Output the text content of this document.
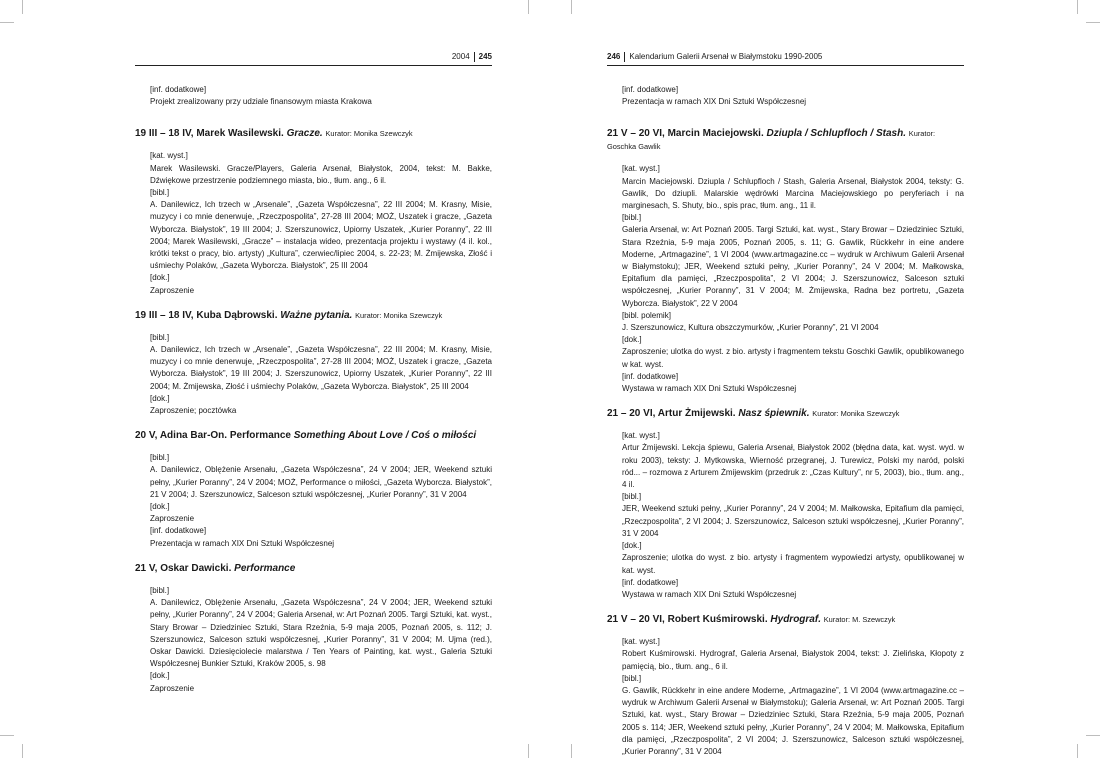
2004 245

[inf. dodatkowe]

Projekt zrealizowany przy udziale finansowym miasta Krakowa

19 III – 18 IV, Marek Wasilewski. Gracze. Kurator: Monika Szewczyk

[kat. wyst.]

Marek Wasilewski. Gracze/Players, Galeria Arsenał, Białystok, 2004, tekst: M. Bakke, Dźwiękowe przestrzenie podziemnego miasta, bio., tłum. ang., 6 il.

[bibl.]

A. Danilewicz, Ich trzech w „Arsenale”, „Gazeta Współczesna”, 22 III 2004; M. Krasny, Misie, muzycy i co mnie denerwuje, „Rzeczpospolita”, 27-28 III 2004; MOŻ, Uszatek i gracze, „Gazeta Wyborcza. Białystok”, 19 III 2004; J. Szerszunowicz, Upiorny Uszatek, „Kurier Poranny”, 22 III 2004; Marek Wasilewski, „Gracze” – instalacja wideo, prezentacja projektu i wystawy (4 il. kol., krótki tekst o pracy, bio. artysty) „Kultura”, czerwiec/lipiec 2004, s. 22-23; M. Żmijewska, Złość i uśmiechy Polaków, „Gazeta Wyborcza. Białystok”, 25 III 2004

[dok.]

Zaproszenie

19 III – 18 IV, Kuba Dąbrowski. Ważne pytania. Kurator: Monika Szewczyk

[bibl.]

A. Danilewicz, Ich trzech w „Arsenale”, „Gazeta Współczesna”, 22 III 2004; M. Krasny, Misie, muzycy i co mnie denerwuje, „Rzeczpospolita”, 27-28 III 2004; MOŻ, Uszatek i gracze, „Gazeta Wyborcza. Białystok”, 19 III 2004; J. Szerszunowicz, Upiorny Uszatek, „Kurier Poranny”, 22 III 2004; M. Żmijewska, Złość i uśmiechy Polaków, „Gazeta Wyborcza. Białystok”, 25 III 2004

[dok.]

Zaproszenie; pocztówka

20 V, Adina Bar-On. Performance Something About Love / Coś o miłości

[bibl.]

A. Danilewicz, Oblężenie Arsenału, „Gazeta Współczesna”, 24 V 2004; JER, Weekend sztuki pełny, „Kurier Poranny”, 24 V 2004; MOŻ, Performance o miłości, „Gazeta Wyborcza. Białystok”, 21 V 2004; J. Szerszunowicz, Salceson sztuki współczesnej, „Kurier Poranny”, 31 V 2004

[dok.]

Zaproszenie

[inf. dodatkowe]

Prezentacja w ramach XIX Dni Sztuki Współczesnej

21 V, Oskar Dawicki. Performance

[bibl.]

A. Danilewicz, Oblężenie Arsenału, „Gazeta Współczesna”, 24 V 2004; JER, Weekend sztuki pełny, „Kurier Poranny”, 24 V 2004; Galeria Arsenał, w: Art Poznań 2005. Targi Sztuki, kat. wyst., Stary Browar – Dziedziniec Sztuki, Stara Rzeźnia, 5-9 maja 2005, Poznań 2005, s. 112; J. Szerszunowicz, Salceson sztuki współczesnej, „Kurier Poranny”, 31 V 2004; M. Ujma (red.), Oskar Dawicki. Dziesięciolecie malarstwa / Ten Years of Painting, kat. wyst., Galeria Sztuki Współczesnej Bunkier Sztuki, Kraków 2005, s. 98

[dok.]

Zaproszenie

246 Kalendarium Galerii Arsenał w Białymstoku 1990-2005

[inf. dodatkowe]

Prezentacja w ramach XIX Dni Sztuki Współczesnej

21 V – 20 VI, Marcin Maciejowski. Dziupla / Schlupfloch / Stash. Kurator: Goschka Gawlik

[kat. wyst.]

Marcin Maciejowski. Dziupla / Schlupfloch / Stash, Galeria Arsenał, Białystok 2004, teksty: G. Gawlik, Do dziupli. Malarskie wędrówki Marcina Maciejowskiego po peryferiach i na marginesach, S. Shuty, bio., spis prac, tłum. ang., 11 il.

[bibl.]

Galeria Arsenał, w: Art Poznań 2005. Targi Sztuki, kat. wyst., Stary Browar – Dziedziniec Sztuki, Stara Rzeźnia, 5-9 maja 2005, Poznań 2005, s. 11; G. Gawlik, Rückkehr in eine andere Moderne, „Artmagazine”, 1 VI 2004 (www.artmagazine.cc – wydruk w Archiwum Galerii Arsenał w Białymstoku); JER, Weekend sztuki pełny, „Kurier Poranny”, 24 V 2004; M. Małkowska, Epitafium dla pamięci, „Rzeczpospolita”, 2 VI 2004; J. Szerszunowicz, Salceson sztuki współczesnej, „Kurier Poranny”, 31 V 2004; M. Żmijewska, Radna bez portretu, „Gazeta Wyborcza. Białystok”, 22 V 2004

[bibl. polemik]

J. Szerszunowicz, Kultura obszczymurków, „Kurier Poranny”, 21 VI 2004

[dok.]

Zaproszenie; ulotka do wyst. z bio. artysty i fragmentem tekstu Goschki Gawlik, opublikowanego w kat. wyst.

[inf. dodatkowe]

Wystawa w ramach XIX Dni Sztuki Współczesnej

21 – 20 VI, Artur Żmijewski. Nasz śpiewnik. Kurator: Monika Szewczyk

[kat. wyst.]

Artur Żmijewski. Lekcja śpiewu, Galeria Arsenał, Białystok 2002 (błędna data, kat. wyst. wyd. w roku 2003), teksty: J. Mytkowska, Wierność przegranej, J. Turewicz, Polski my naród, polski ród... – rozmowa z Arturem Żmijewskim (przedruk z: „Czas Kultury”, nr 5, 2003), bio., tłum. ang., 4 il.

[bibl.]

JER, Weekend sztuki pełny, „Kurier Poranny”, 24 V 2004; M. Małkowska, Epitafium dla pamięci, „Rzeczpospolita”, 2 VI 2004; J. Szerszunowicz, Salceson sztuki współczesnej, „Kurier Poranny”, 31 V 2004

[dok.]

Zaproszenie; ulotka do wyst. z bio. artysty i fragmentem wypowiedzi artysty, opublikowanej w kat. wyst.

[inf. dodatkowe]

Wystawa w ramach XIX Dni Sztuki Współczesnej

21 V – 20 VI, Robert Kuśmirowski. Hydrograf. Kurator: M. Szewczyk

[kat. wyst.]

Robert Kuśmirowski. Hydrograf, Galeria Arsenał, Białystok 2004, tekst: J. Zielińska, Kłopoty z pamięcią, bio., tłum. ang., 6 il.

[bibl.]

G. Gawlik, Rückkehr in eine andere Moderne, „Artmagazine”, 1 VI 2004 (www.artmagazine.cc – wydruk w Archiwum Galerii Arsenał w Białymstoku); Galeria Arsenał, w: Art Poznań 2005. Targi Sztuki, kat. wyst., Stary Browar – Dziedziniec Sztuki, Stara Rzeźnia, 5-9 maja 2005, Poznań 2005 s. 114; JER, Weekend sztuki pełny, „Kurier Poranny”, 24 V 2004; M. Małkowska, Epitafium dla pamięci, „Rzeczpospolita”, 2 VI 2004; J. Szerszunowicz, Salceson sztuki współczesnej, „Kurier Poranny”, 31 V 2004
